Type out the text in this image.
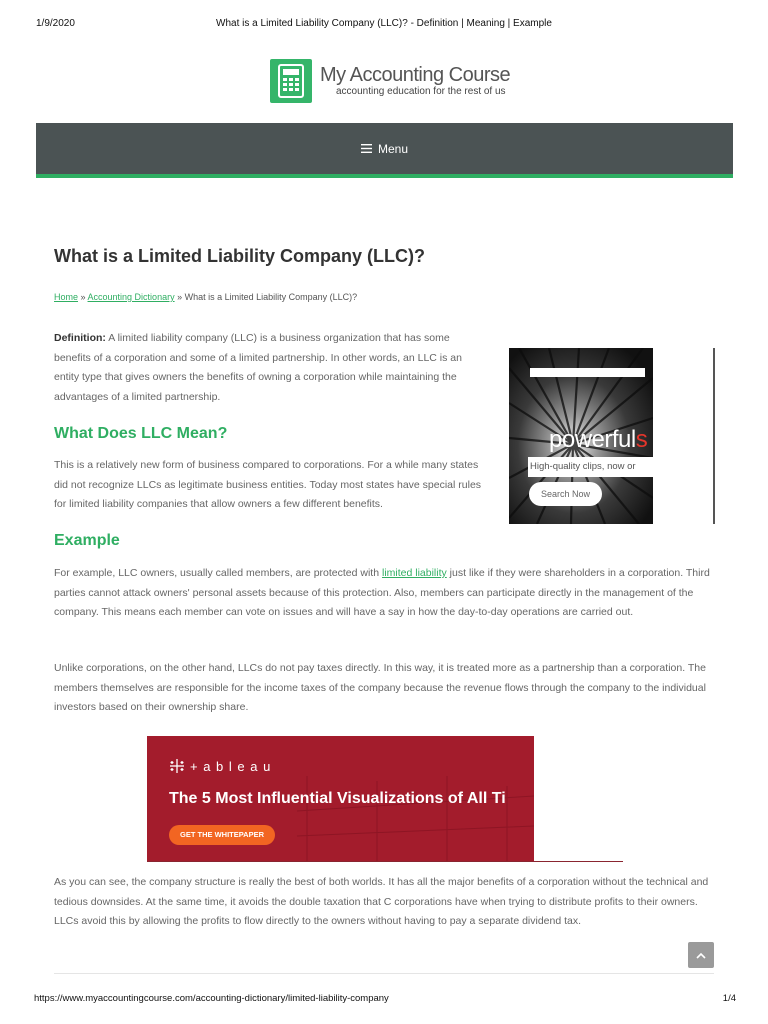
1/9/2020	What is a Limited Liability Company (LLC)? - Definition | Meaning | Example
My Accounting Course
accounting education for the rest of us
Menu
What is a Limited Liability Company (LLC)?
Home » Accounting Dictionary » What is a Limited Liability Company (LLC)?

Definition: A limited liability company (LLC) is a business organization that has some benefits of a corporation and some of a limited partnership. In other words, an LLC is an entity type that gives owners the benefits of owning a corporation while maintaining the advantages of a limited partnership.

powerfuls
High-quality clips, now or
Search Now
What Does LLC Mean?

This is a relatively new form of business compared to corporations. For a while many states did not recognize LLCs as legitimate business entities. Today most states have special rules for limited liability companies that allow owners a few different benefits.

Example

For example, LLC owners, usually called members, are protected with limited liability just like if they were shareholders in a corporation. Third parties cannot attack owners' personal assets because of this protection. Also, members can participate directly in the management of the company. This means each member can vote on issues and will have a say in how the day-to-day operations are carried out.

Unlike corporations, on the other hand, LLCs do not pay taxes directly. In this way, it is treated more as a partnership than a corporation. The members themselves are responsible for the income taxes of the company because the revenue flows through the company to the individual investors based on their ownership share.

+ a b l e a u
The 5 Most Influential Visualizations of All Ti
GET THE WHITEPAPER

As you can see, the company structure is really the best of both worlds. It has all the major benefits of a corporation without the technical and tedious downsides. At the same time, it avoids the double taxation that C corporations have when trying to distribute profits to their owners. LLCs avoid this by allowing the profits to flow directly to the owners without having to pay a separate dividend tax.

https://www.myaccountingcourse.com/accounting-dictionary/limited-liability-company	1/4
